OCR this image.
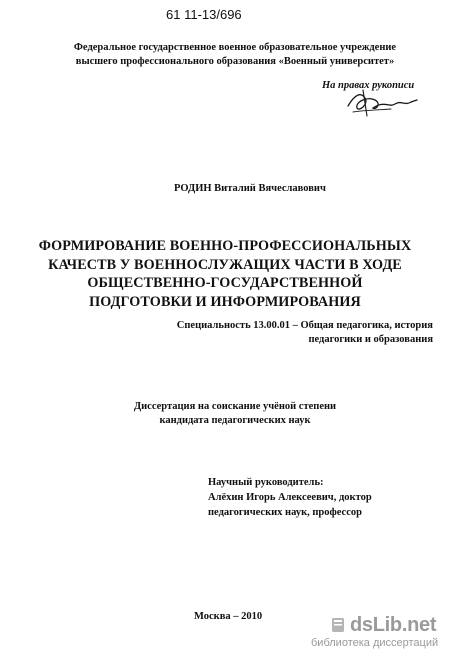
61 11-13/696
Федеральное государственное военное образовательное учреждение
высшего профессионального образования «Военный университет»
На правах рукописи
РОДИН Виталий Вячеславович
ФОРМИРОВАНИЕ ВОЕННО-ПРОФЕССИОНАЛЬНЫХ
КАЧЕСТВ У ВОЕННОСЛУЖАЩИХ ЧАСТИ В ХОДЕ
ОБЩЕСТВЕННО-ГОСУДАРСТВЕННОЙ
ПОДГОТОВКИ И ИНФОРМИРОВАНИЯ
Специальность 13.00.01 – Общая педагогика, история
педагогики и образования
Диссертация на соискание учёной степени
кандидата педагогических наук
Научный руководитель:
Алёхин Игорь Алексеевич, доктор
педагогических наук, профессор
Москва – 2010	dsLib.net
библиотека диссертаций
